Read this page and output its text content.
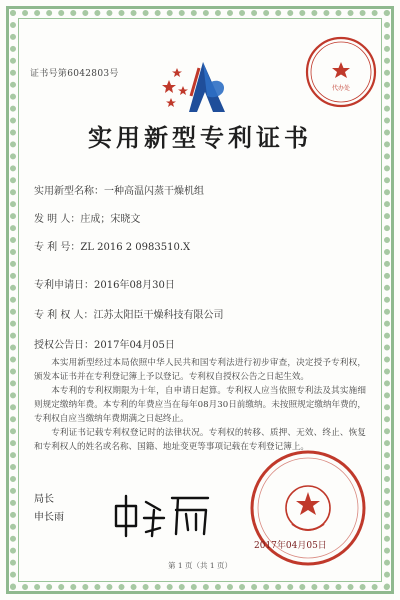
证书号第6042803号
代办处
实用新型专利证书
实用新型名称：一种高温闪蒸干燥机组
发 明 人：庄成；宋晓文
专 利 号：ZL 2016 2 0983510.X
专利申请日：2016年08月30日
专 利 权 人：江苏太阳臣干燥科技有限公司
授权公告日：2017年04月05日

本实用新型经过本局依照中华人民共和国专利法进行初步审查，决定授予专利权，颁发本证书并在专利登记簿上予以登记。专利权自授权公告之日起生效。

本专利的专利权期限为十年，自申请日起算。专利权人应当依照专利法及其实施细则规定缴纳年费。本专利的年费应当在每年08月30日前缴纳。未按照规定缴纳年费的，专利权自应当缴纳年费期满之日起终止。

专利证书记载专利权登记时的法律状况。专利权的转移、质押、无效、终止、恢复和专利权人的姓名或名称、国籍、地址变更等事项记载在专利登记簿上。

局长
申长雨
2017年04月05日
第 1 页（共 1 页）
